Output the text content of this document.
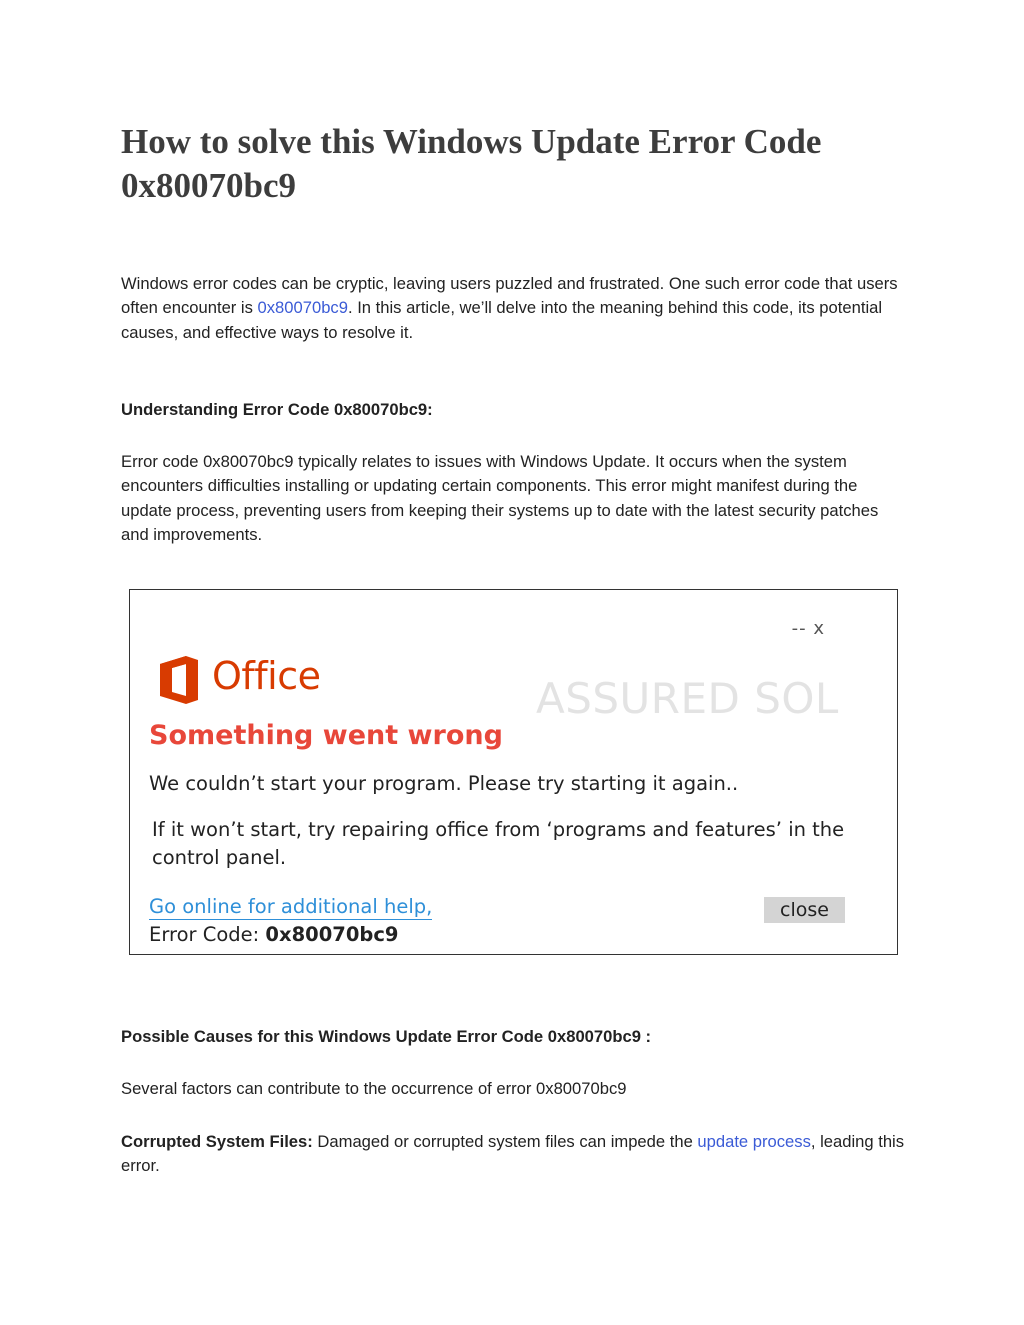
How to solve this Windows Update Error Code 0x80070bc9

Windows error codes can be cryptic, leaving users puzzled and frustrated. One such error code that users often encounter is 0x80070bc9. In this article, we’ll delve into the meaning behind this code, its potential causes, and effective ways to resolve it.

Understanding Error Code 0x80070bc9:

Error code 0x80070bc9 typically relates to issues with Windows Update. It occurs when the system encounters difficulties installing or updating certain components. This error might manifest during the update process, preventing users from keeping their systems up to date with the latest security patches and improvements.

Possible Causes for this Windows Update Error Code 0x80070bc9 :

Several factors can contribute to the occurrence of error 0x80070bc9

Corrupted System Files: Damaged or corrupted system files can impede the update process, leading this error.

-- x
Office	ASSURED SOL
Something went wrong
We couldn’t start your program. Please try starting it again..
If it won’t start, try repairing office from ‘programs and features’ in the control panel.
Go online for additional help,
Error Code: 0x80070bc9
close
